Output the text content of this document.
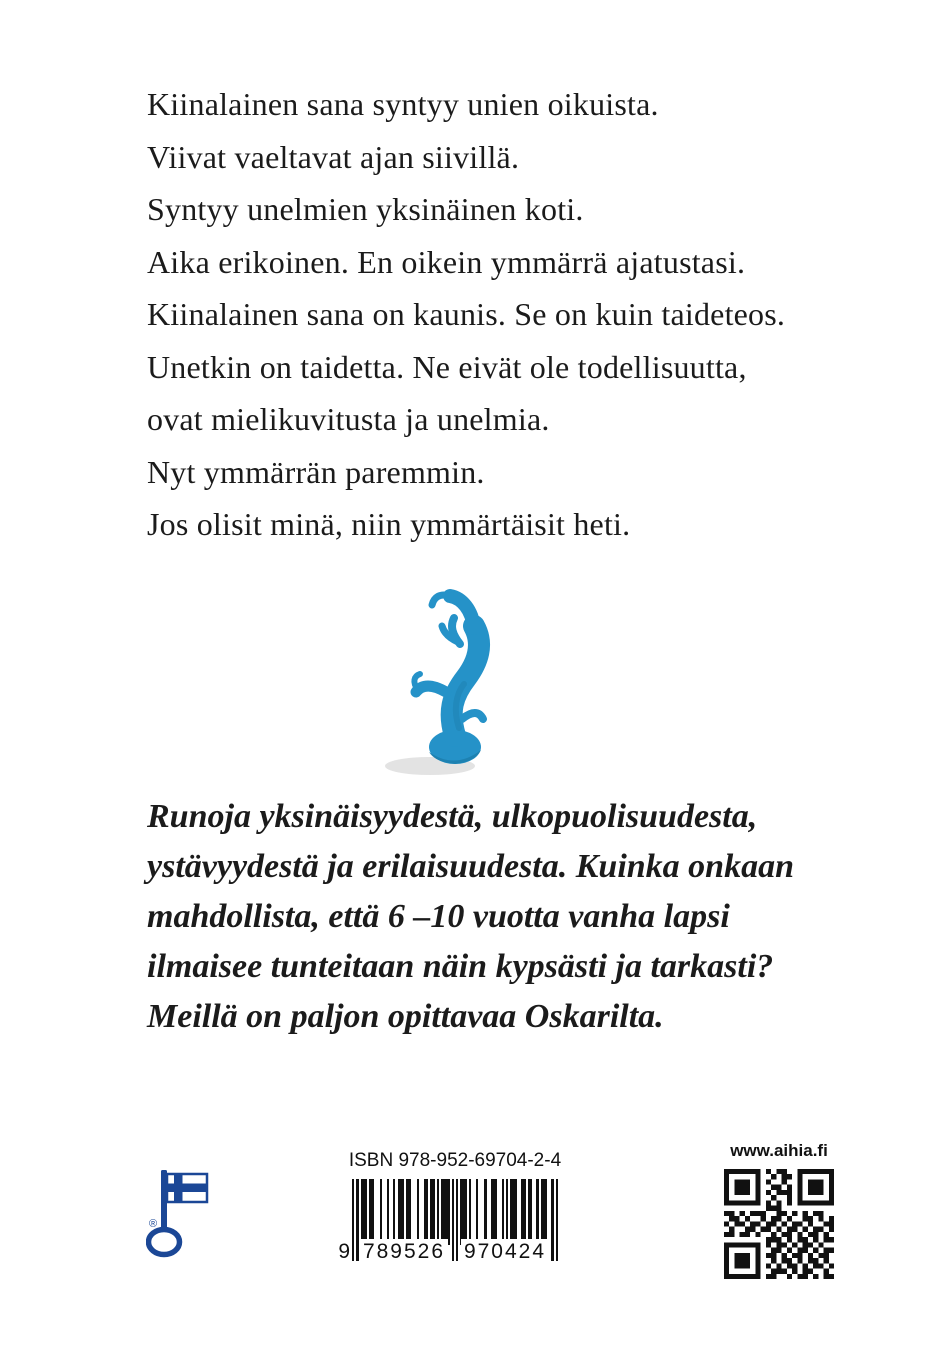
Kiinalainen sana syntyy unien oikuista.
Viivat vaeltavat ajan siivillä.
Syntyy unelmien yksinäinen koti.
Aika erikoinen. En oikein ymmärrä ajatustasi.
Kiinalainen sana on kaunis. Se on kuin taideteos.
Unetkin on taidetta. Ne eivät ole todellisuutta,
ovat mielikuvitusta ja unelmia.
Nyt ymmärrän paremmin.
Jos olisit minä, niin ymmärtäisit heti.
Runoja yksinäisyydestä, ulkopuolisuudesta,
ystävyydestä ja erilaisuudesta. Kuinka onkaan
mahdollista, että 6 –10 vuotta vanha lapsi
ilmaisee tunteitaan näin kypsästi ja tarkasti?
Meillä on paljon opittavaa Oskarilta.
®
ISBN 978-952-69704-2-4
9 789526 970424
www.aihia.fi
